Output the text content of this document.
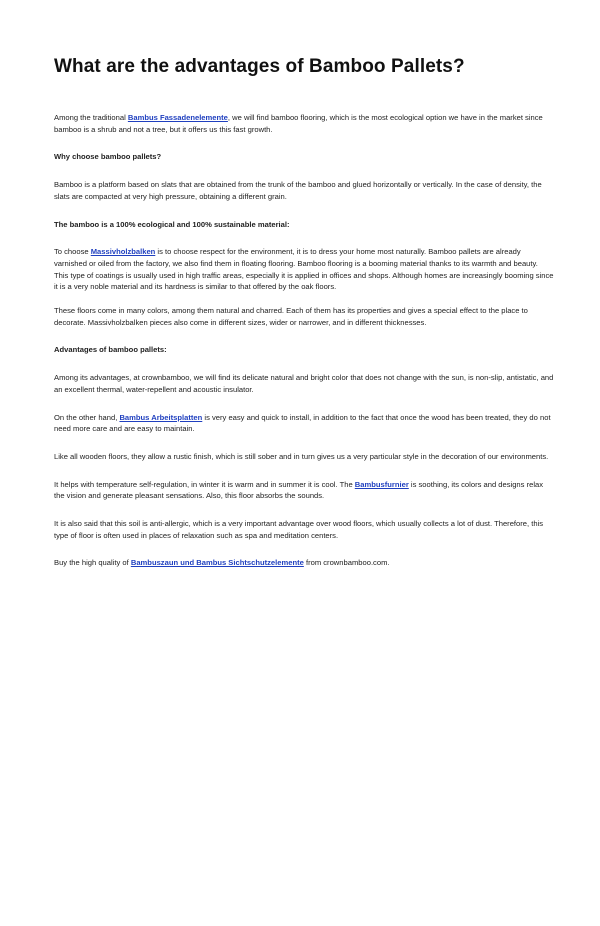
What are the advantages of Bamboo Pallets?

Among the traditional Bambus Fassadenelemente, we will find bamboo flooring, which is the most ecological option we have in the market since bamboo is a shrub and not a tree, but it offers us this fast growth.

Why choose bamboo pallets?

Bamboo is a platform based on slats that are obtained from the trunk of the bamboo and glued horizontally or vertically. In the case of density, the slats are compacted at very high pressure, obtaining a different grain.

The bamboo is a 100% ecological and 100% sustainable material:

To choose Massivholzbalken is to choose respect for the environment, it is to dress your home most naturally. Bamboo pallets are already varnished or oiled from the factory, we also find them in floating flooring. Bamboo flooring is a booming material thanks to its warmth and beauty.
This type of coatings is usually used in high traffic areas, especially it is applied in offices and shops. Although homes are increasingly booming since it is a very noble material and its hardness is similar to that offered by the oak floors.

These floors come in many colors, among them natural and charred. Each of them has its properties and gives a special effect to the place to decorate. Massivholzbalken pieces also come in different sizes, wider or narrower, and in different thicknesses.

Advantages of bamboo pallets:

Among its advantages, at crownbamboo, we will find its delicate natural and bright color that does not change with the sun, is non-slip, antistatic, and an excellent thermal, water-repellent and acoustic insulator.

On the other hand, Bambus Arbeitsplatten is very easy and quick to install, in addition to the fact that once the wood has been treated, they do not need more care and are easy to maintain.

Like all wooden floors, they allow a rustic finish, which is still sober and in turn gives us a very particular style in the decoration of our environments.

It helps with temperature self-regulation, in winter it is warm and in summer it is cool. The Bambusfurnier is soothing, its colors and designs relax the vision and generate pleasant sensations. Also, this floor absorbs the sounds.

It is also said that this soil is anti-allergic, which is a very important advantage over wood floors, which usually collects a lot of dust. Therefore, this type of floor is often used in places of relaxation such as spa and meditation centers.

Buy the high quality of Bambuszaun und Bambus Sichtschutzelemente from crownbamboo.com.
